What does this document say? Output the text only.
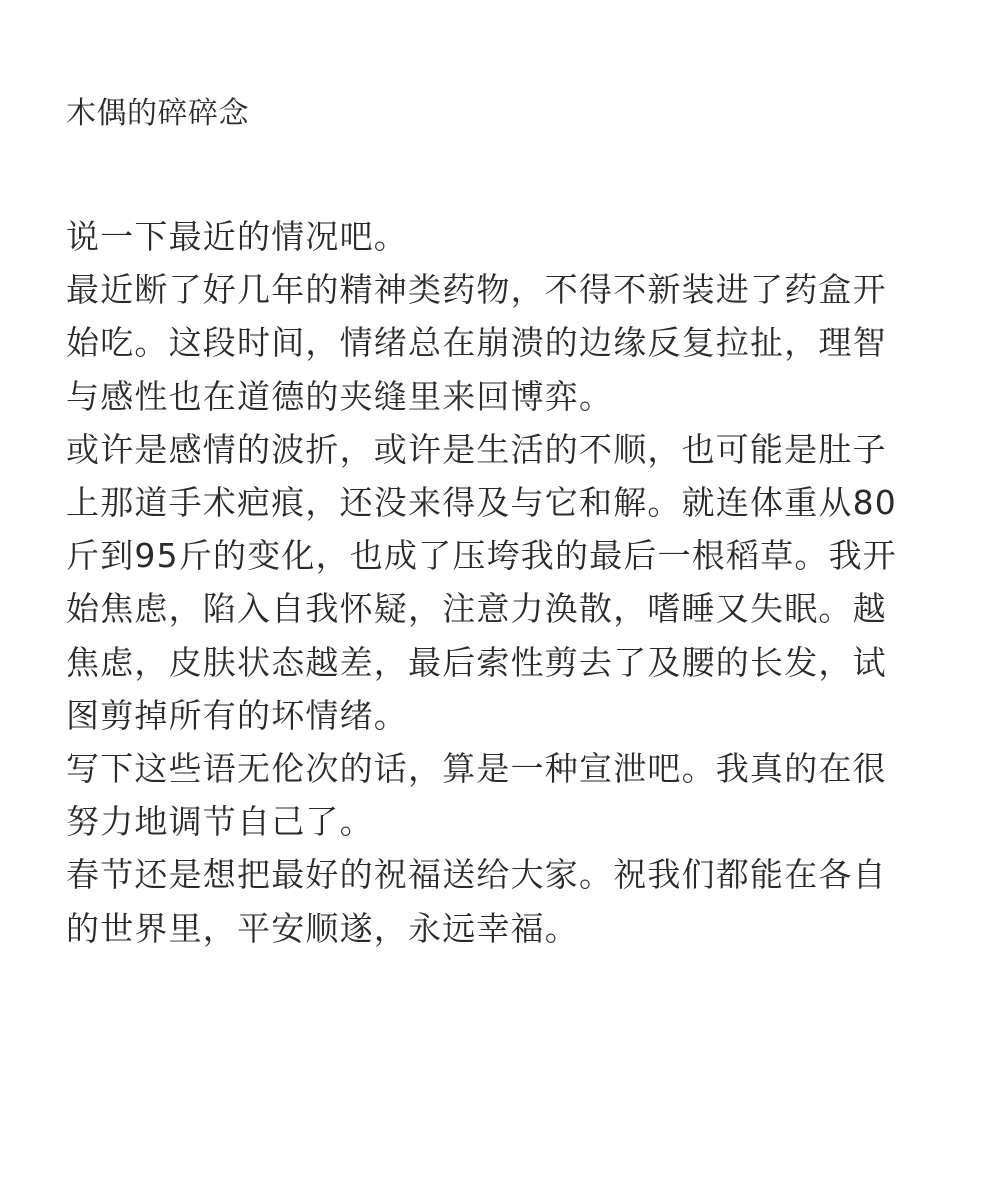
木偶的碎碎念

说一下最近的情况吧。

最近断了好几年的精神类药物，不得不新装进了药盒开始吃。这段时间，情绪总在崩溃的边缘反复拉扯，理智与感性也在道德的夹缝里来回博弈。

或许是感情的波折，或许是生活的不顺，也可能是肚子上那道手术疤痕，还没来得及与它和解。就连体重从80斤到95斤的变化，也成了压垮我的最后一根稻草。我开始焦虑，陷入自我怀疑，注意力涣散，嗜睡又失眠。越焦虑，皮肤状态越差，最后索性剪去了及腰的长发，试图剪掉所有的坏情绪。

写下这些语无伦次的话，算是一种宣泄吧。我真的在很努力地调节自己了。

春节还是想把最好的祝福送给大家。祝我们都能在各自的世界里，平安顺遂，永远幸福。
